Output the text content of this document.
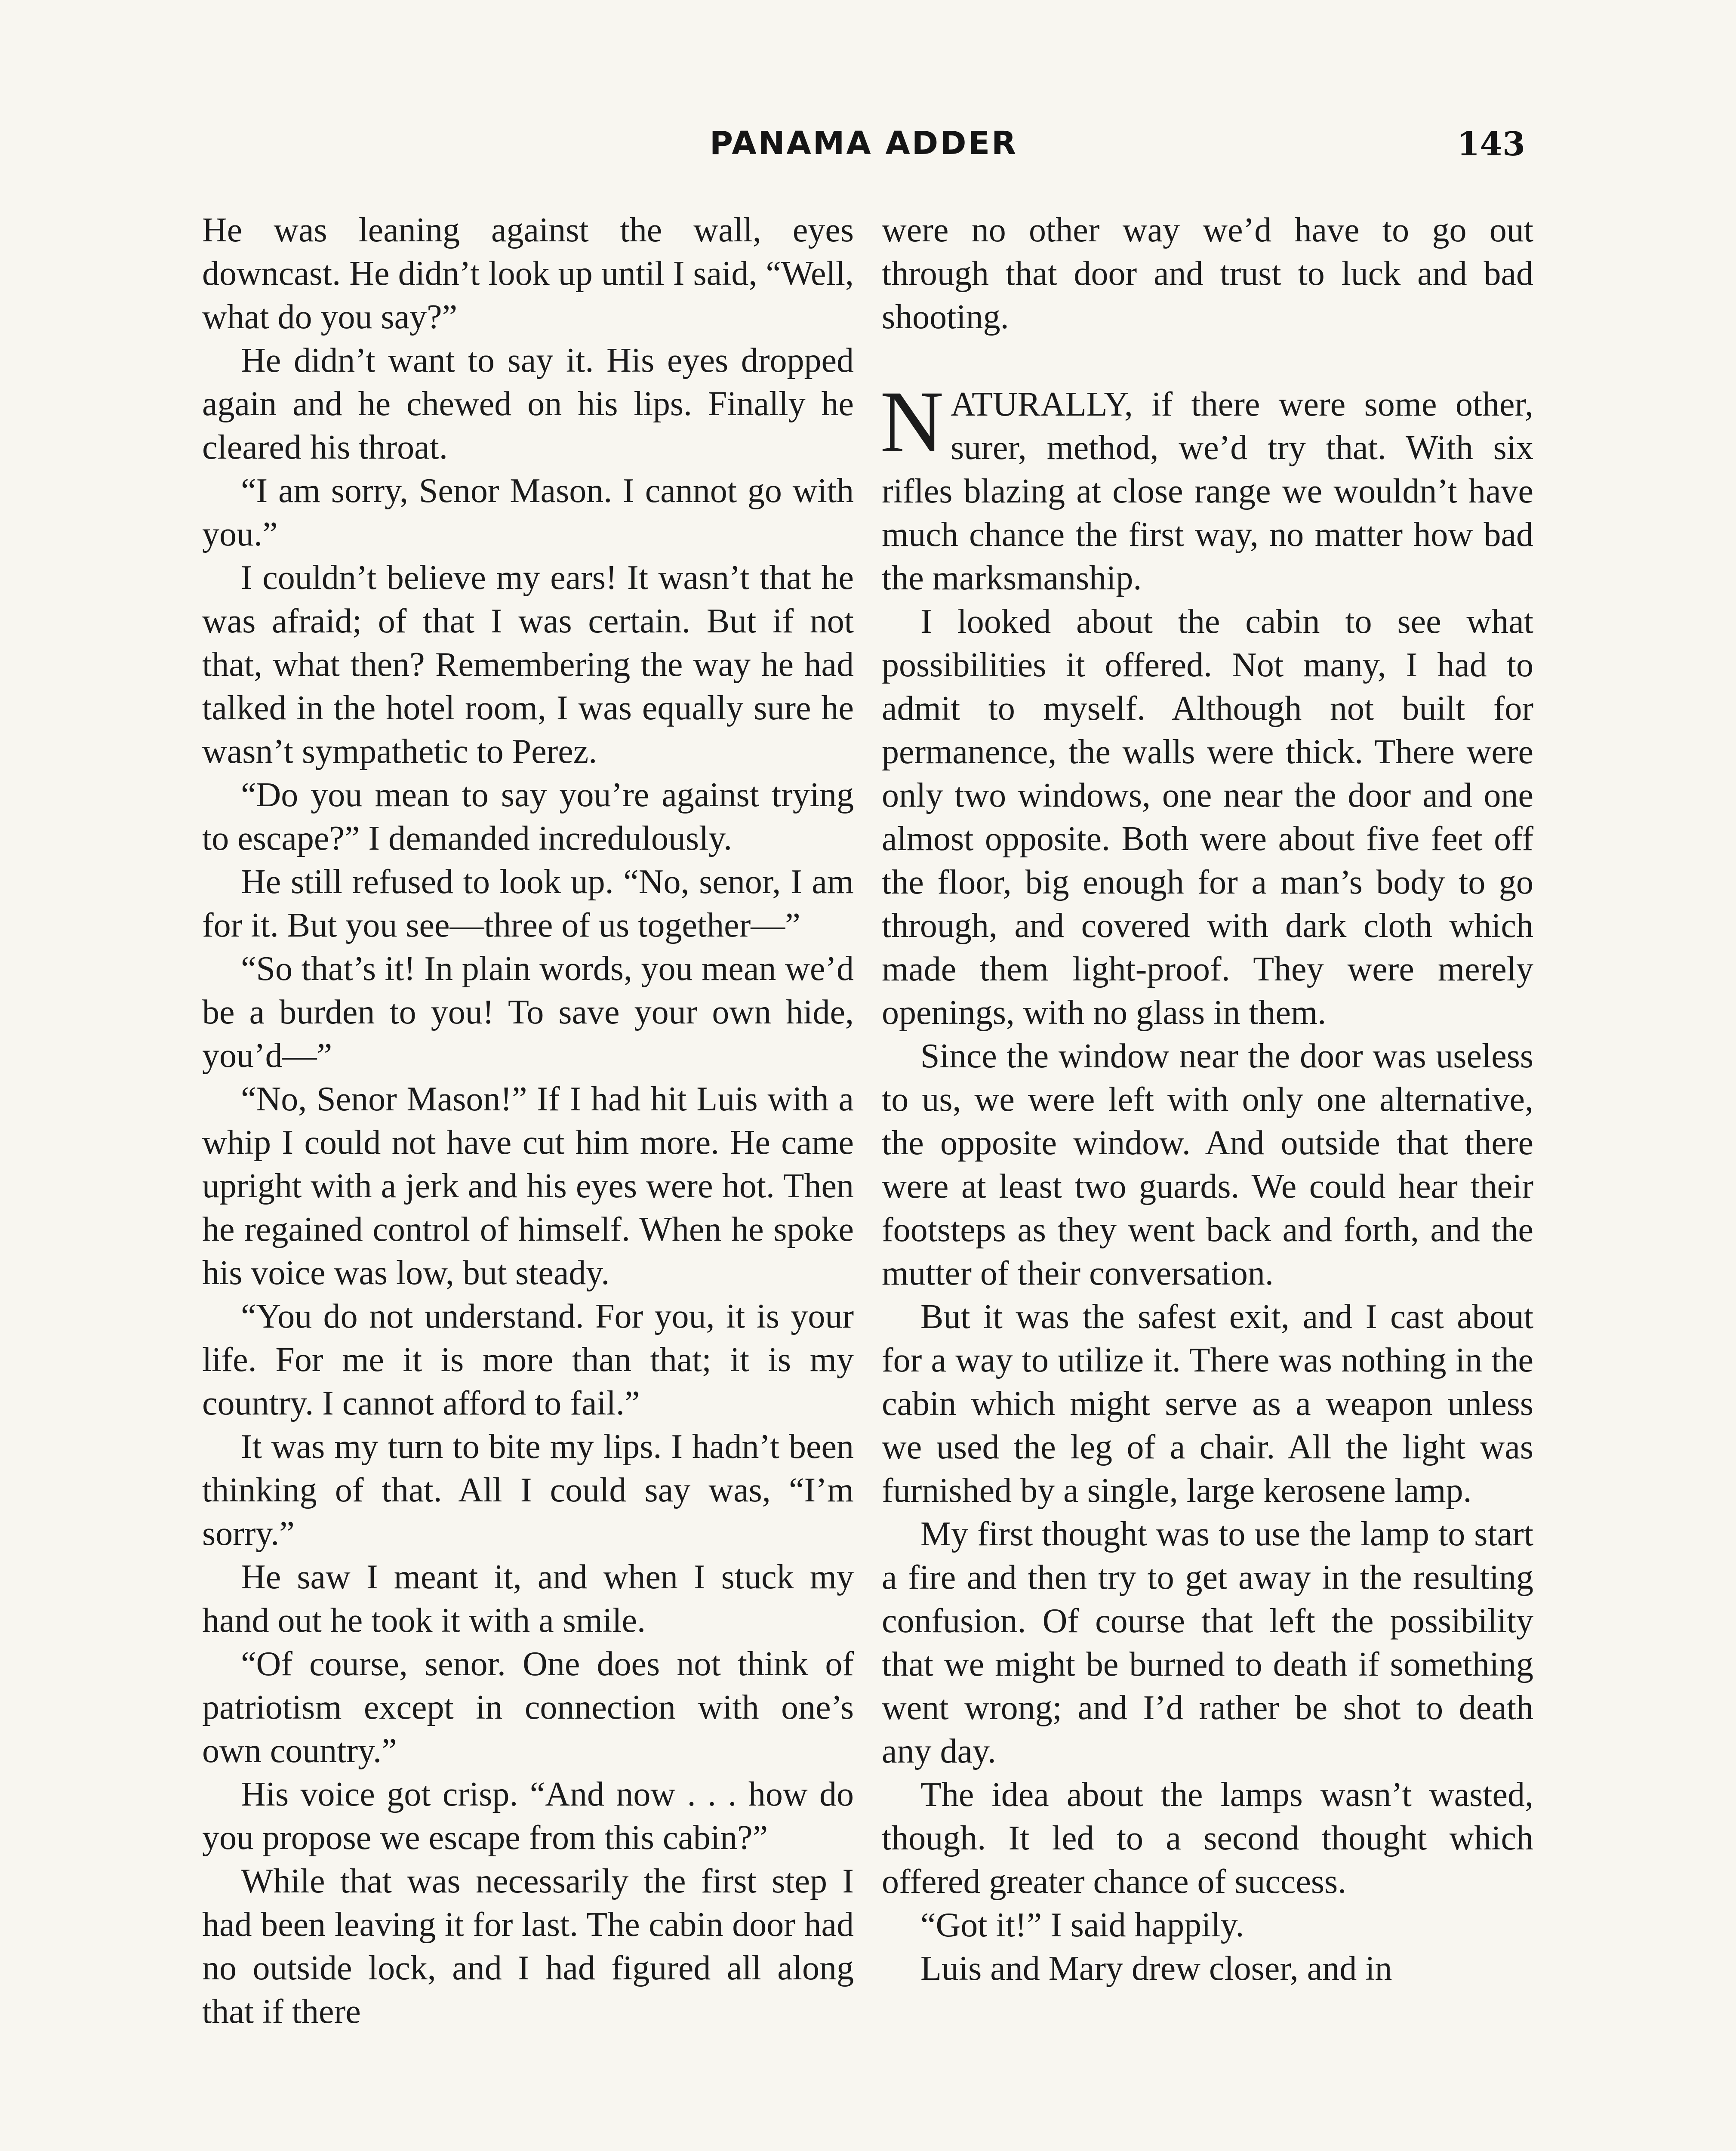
PANAMA ADDER	143

He was leaning against the wall, eyes downcast. He didn’t look up until I said, “Well, what do you say?”

He didn’t want to say it. His eyes dropped again and he chewed on his lips. Finally he cleared his throat.

“I am sorry, Senor Mason. I cannot go with you.”

I couldn’t believe my ears! It wasn’t that he was afraid; of that I was certain. But if not that, what then? Remembering the way he had talked in the hotel room, I was equally sure he wasn’t sympathetic to Perez.

“Do you mean to say you’re against trying to escape?” I demanded incredulously.

He still refused to look up. “No, senor, I am for it. But you see—three of us together—”

“So that’s it! In plain words, you mean we’d be a burden to you! To save your own hide, you’d—”

“No, Senor Mason!” If I had hit Luis with a whip I could not have cut him more. He came upright with a jerk and his eyes were hot. Then he regained control of himself. When he spoke his voice was low, but steady.

“You do not understand. For you, it is your life. For me it is more than that; it is my country. I cannot afford to fail.”

It was my turn to bite my lips. I hadn’t been thinking of that. All I could say was, “I’m sorry.”

He saw I meant it, and when I stuck my hand out he took it with a smile.

“Of course, senor. One does not think of patriotism except in connection with one’s own country.”

His voice got crisp. “And now . . . how do you propose we escape from this cabin?”

While that was necessarily the first step I had been leaving it for last. The cabin door had no outside lock, and I had figured all along that if there

were no other way we’d have to go out through that door and trust to luck and bad shooting.

NATURALLY, if there were some other, surer, method, we’d try that. With six rifles blazing at close range we wouldn’t have much chance the first way, no matter how bad the marksmanship.

I looked about the cabin to see what possibilities it offered. Not many, I had to admit to myself. Although not built for permanence, the walls were thick. There were only two windows, one near the door and one almost opposite. Both were about five feet off the floor, big enough for a man’s body to go through, and covered with dark cloth which made them light-proof. They were merely openings, with no glass in them.

Since the window near the door was useless to us, we were left with only one alternative, the opposite window. And outside that there were at least two guards. We could hear their footsteps as they went back and forth, and the mutter of their conversation.

But it was the safest exit, and I cast about for a way to utilize it. There was nothing in the cabin which might serve as a weapon unless we used the leg of a chair. All the light was furnished by a single, large kerosene lamp.

My first thought was to use the lamp to start a fire and then try to get away in the resulting confusion. Of course that left the possibility that we might be burned to death if something went wrong; and I’d rather be shot to death any day.

The idea about the lamps wasn’t wasted, though. It led to a second thought which offered greater chance of success.

“Got it!” I said happily.

Luis and Mary drew closer, and in
